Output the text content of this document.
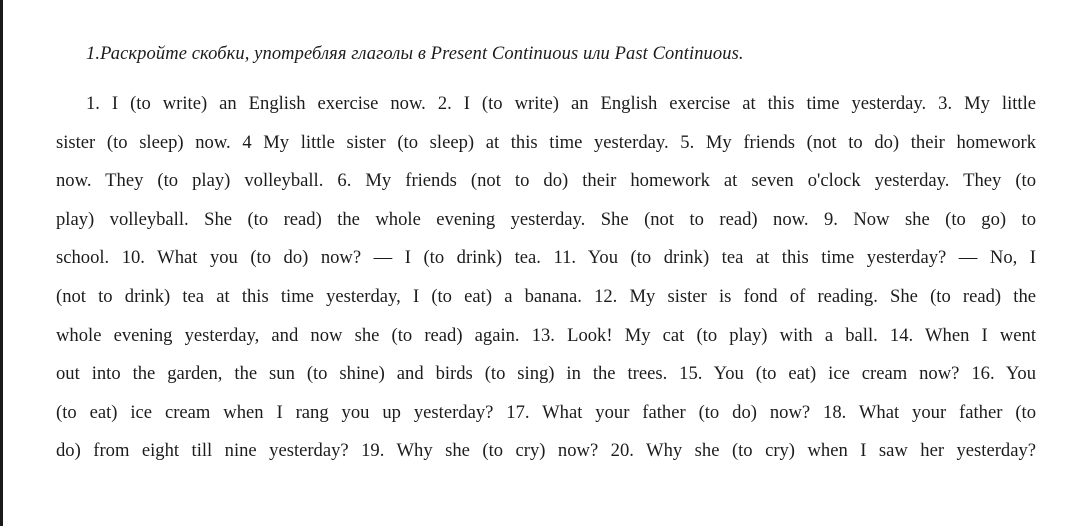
1.Раскройте скобки, употребляя глаголы в Present Continuous или Past Continuous.
1. I (to write) an English exercise now. 2. I (to write) an English exercise at this time yesterday. 3. My little
sister (to sleep) now. 4 My little sister (to sleep) at this time yesterday. 5. My friends (not to do) their homework
now. They (to play) volleyball. 6. My friends (not to do) their homework at seven o'clock yesterday. They (to
play) volleyball. She (to read) the whole evening yesterday. She (not to read) now. 9. Now she (to go) to
school. 10. What you (to do) now? — I (to drink) tea. 11. You (to drink) tea at this time yesterday? — No, I
(not to drink) tea at this time yesterday, I (to eat) a banana. 12. My sister is fond of reading. She (to read) the
whole evening yesterday, and now she (to read) again. 13. Look! My cat (to play) with a ball. 14. When I went
out into the garden, the sun (to shine) and birds (to sing) in the trees. 15. You (to eat) ice cream now? 16. You
(to eat) ice cream when I rang you up yesterday? 17. What your father (to do) now? 18. What your father (to
do) from eight till nine yesterday? 19. Why she (to cry) now? 20. Why she (to cry) when I saw her yesterday?
